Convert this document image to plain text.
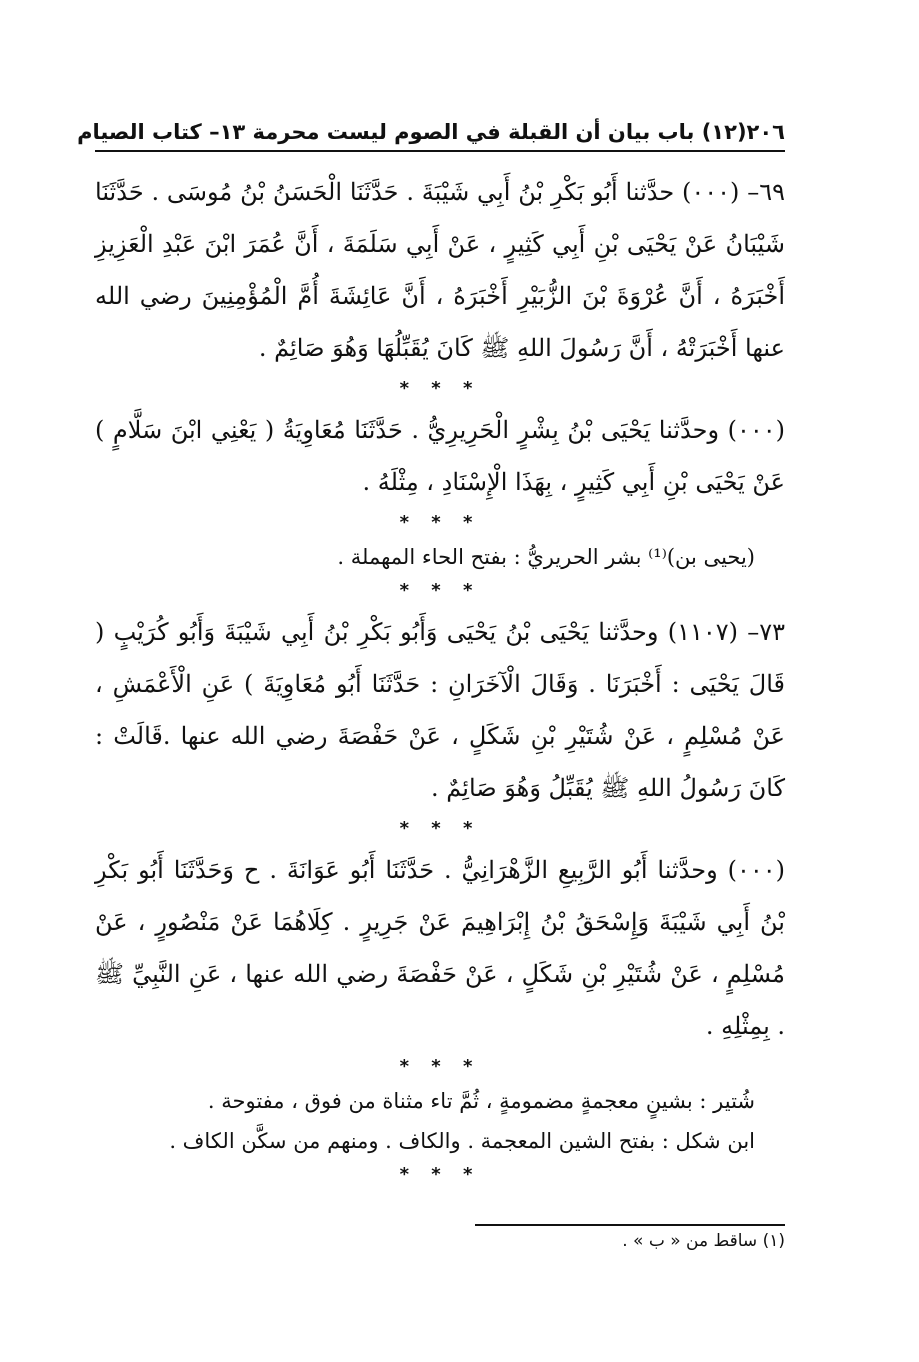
٢٠٦
(١٢) باب بيان أن القبلة في الصوم ليست محرمة ١٣– كتاب الصيام

٦٩– (٠٠٠) حدَّثنا أَبُو بَكْرِ بْنُ أَبِي شَيْبَةَ . حَدَّثَنَا الْحَسَنُ بْنُ مُوسَى . حَدَّثَنَا شَيْبَانُ عَنْ يَحْيَى بْنِ أَبِي كَثِيرٍ ، عَنْ أَبِي سَلَمَةَ ، أَنَّ عُمَرَ ابْنَ عَبْدِ الْعَزِيزِ أَخْبَرَهُ ، أَنَّ عُرْوَةَ بْنَ الزُّبَيْرِ أَخْبَرَهُ ، أَنَّ عَائِشَةَ أُمَّ الْمُؤْمِنِينَ رضي الله عنها أَخْبَرَتْهُ ، أَنَّ رَسُولَ اللهِ ﷺ كَانَ يُقَبِّلُهَا وَهُوَ صَائِمٌ .

* * *

(٠٠٠) وحدَّثنا يَحْيَى بْنُ بِشْرٍ الْحَرِيرِيُّ . حَدَّثَنَا مُعَاوِيَةُ ( يَعْنِي ابْنَ سَلَّامٍ ) عَنْ يَحْيَى بْنِ أَبِي كَثِيرٍ ، بِهَذَا الْإِسْنَادِ ، مِثْلَهُ .

* * *
(يحيى بن)⁽¹⁾ بشر الحريريُّ : بفتح الحاء المهملة .
* * *

٧٣– (١١٠٧) وحدَّثنا يَحْيَى بْنُ يَحْيَى وَأَبُو بَكْرِ بْنُ أَبِي شَيْبَةَ وَأَبُو كُرَيْبٍ ( قَالَ يَحْيَى : أَخْبَرَنَا . وَقَالَ الْآخَرَانِ : حَدَّثَنَا أَبُو مُعَاوِيَةَ ) عَنِ الْأَعْمَشِ ، عَنْ مُسْلِمٍ ، عَنْ شُتَيْرِ بْنِ شَكَلٍ ، عَنْ حَفْصَةَ رضي الله عنها .قَالَتْ : كَانَ رَسُولُ اللهِ ﷺ يُقَبِّلُ وَهُوَ صَائِمٌ .

* * *

(٠٠٠) وحدَّثنا أَبُو الرَّبِيعِ الزَّهْرَانِيُّ . حَدَّثَنَا أَبُو عَوَانَةَ . ح وَحَدَّثَنَا أَبُو بَكْرِ بْنُ أَبِي شَيْبَةَ وَإِسْحَقُ بْنُ إِبْرَاهِيمَ عَنْ جَرِيرٍ . كِلَاهُمَا عَنْ مَنْصُورٍ ، عَنْ مُسْلِمٍ ، عَنْ شُتَيْرِ بْنِ شَكَلٍ ، عَنْ حَفْصَةَ رضي الله عنها ، عَنِ النَّبِيِّ ﷺ . بِمِثْلِهِ .

* * *
شُتير : بشينٍ معجمةٍ مضمومةٍ ، ثُمَّ تاء مثناة من فوق ، مفتوحة .
ابن شكل : بفتح الشين المعجمة . والكاف . ومنهم من سكَّن الكاف .
* * *
(١) ساقط من « ب » .
